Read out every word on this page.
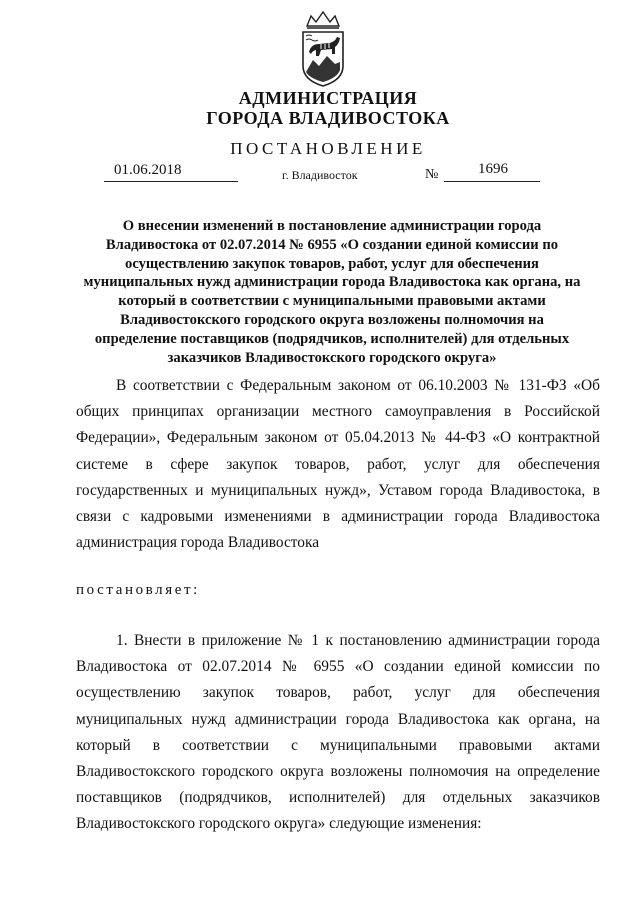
АДМИНИСТРАЦИЯ
ГОРОДА ВЛАДИВОСТОКА
ПОСТАНОВЛЕНИЕ
01.06.2018	г. Владивосток	№	1696
О внесении изменений в постановление администрации города Владивостока от 02.07.2014 № 6955 «О создании единой комиссии по осуществлению закупок товаров, работ, услуг для обеспечения муниципальных нужд администрации города Владивостока как органа, на который в соответствии с муниципальными правовыми актами Владивостокского городского округа возложены полномочия на определение поставщиков (подрядчиков, исполнителей) для отдельных заказчиков Владивостокского городского округа»

В соответствии с Федеральным законом от 06.10.2003 № 131-ФЗ «Об общих принципах организации местного самоуправления в Российской Федерации», Федеральным законом от 05.04.2013 № 44-ФЗ «О контрактной системе в сфере закупок товаров, работ, услуг для обеспечения государственных и муниципальных нужд», Уставом города Владивостока, в связи с кадровыми изменениями в администрации города Владивостока администрация города Владивостока

постановляет:

1. Внести в приложение № 1 к постановлению администрации города Владивостока от 02.07.2014 № 6955 «О создании единой комиссии по осуществлению закупок товаров, работ, услуг для обеспечения муниципальных нужд администрации города Владивостока как органа, на который в соответствии с муниципальными правовыми актами Владивостокского городского округа возложены полномочия на определение поставщиков (подрядчиков, исполнителей) для отдельных заказчиков Владивостокского городского округа» следующие изменения:
